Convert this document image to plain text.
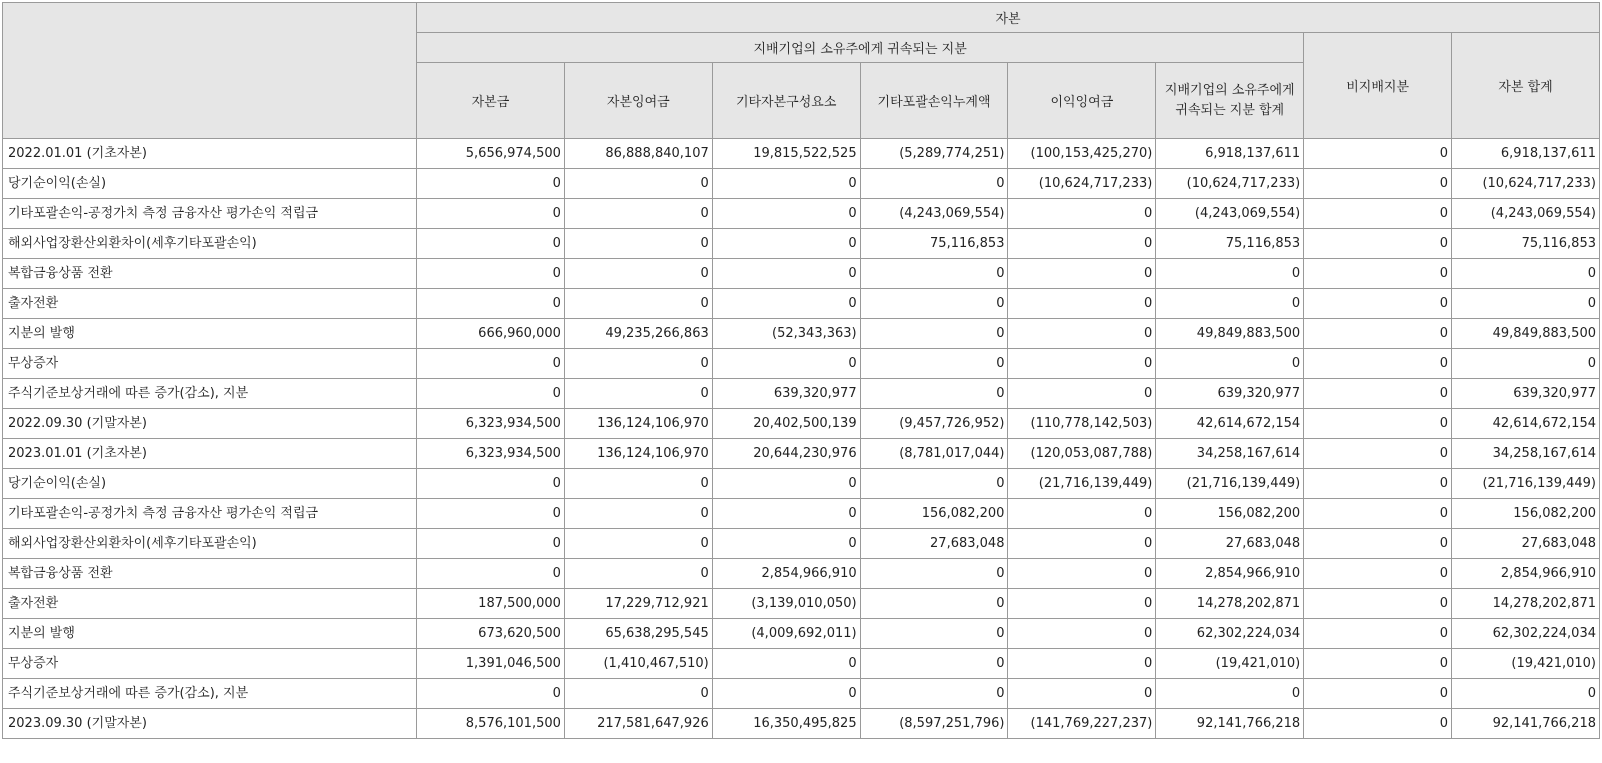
	자본							
	지배기업의 소유주에게 귀속되는 지분						비지배지분	자본 합계
	자본금	자본잉여금	기타자본구성요소	기타포괄손익누계액	이익잉여금	지배기업의 소유주에게 귀속되는 지분 합계		
2022.01.01 (기초자본)	5,656,974,500	86,888,840,107	19,815,522,525	(5,289,774,251)	(100,153,425,270)	6,918,137,611	0	6,918,137,611
당기순이익(손실)	0	0	0	0	(10,624,717,233)	(10,624,717,233)	0	(10,624,717,233)
기타포괄손익-공정가치 측정 금융자산 평가손익 적립금	0	0	0	(4,243,069,554)	0	(4,243,069,554)	0	(4,243,069,554)
해외사업장환산외환차이(세후기타포괄손익)	0	0	0	75,116,853	0	75,116,853	0	75,116,853
복합금융상품 전환	0	0	0	0	0	0	0	0
출자전환	0	0	0	0	0	0	0	0
지분의 발행	666,960,000	49,235,266,863	(52,343,363)	0	0	49,849,883,500	0	49,849,883,500
무상증자	0	0	0	0	0	0	0	0
주식기준보상거래에 따른 증가(감소), 지분	0	0	639,320,977	0	0	639,320,977	0	639,320,977
2022.09.30 (기말자본)	6,323,934,500	136,124,106,970	20,402,500,139	(9,457,726,952)	(110,778,142,503)	42,614,672,154	0	42,614,672,154
2023.01.01 (기초자본)	6,323,934,500	136,124,106,970	20,644,230,976	(8,781,017,044)	(120,053,087,788)	34,258,167,614	0	34,258,167,614
당기순이익(손실)	0	0	0	0	(21,716,139,449)	(21,716,139,449)	0	(21,716,139,449)
기타포괄손익-공정가치 측정 금융자산 평가손익 적립금	0	0	0	156,082,200	0	156,082,200	0	156,082,200
해외사업장환산외환차이(세후기타포괄손익)	0	0	0	27,683,048	0	27,683,048	0	27,683,048
복합금융상품 전환	0	0	2,854,966,910	0	0	2,854,966,910	0	2,854,966,910
출자전환	187,500,000	17,229,712,921	(3,139,010,050)	0	0	14,278,202,871	0	14,278,202,871
지분의 발행	673,620,500	65,638,295,545	(4,009,692,011)	0	0	62,302,224,034	0	62,302,224,034
무상증자	1,391,046,500	(1,410,467,510)	0	0	0	(19,421,010)	0	(19,421,010)
주식기준보상거래에 따른 증가(감소), 지분	0	0	0	0	0	0	0	0
2023.09.30 (기말자본)	8,576,101,500	217,581,647,926	16,350,495,825	(8,597,251,796)	(141,769,227,237)	92,141,766,218	0	92,141,766,218
